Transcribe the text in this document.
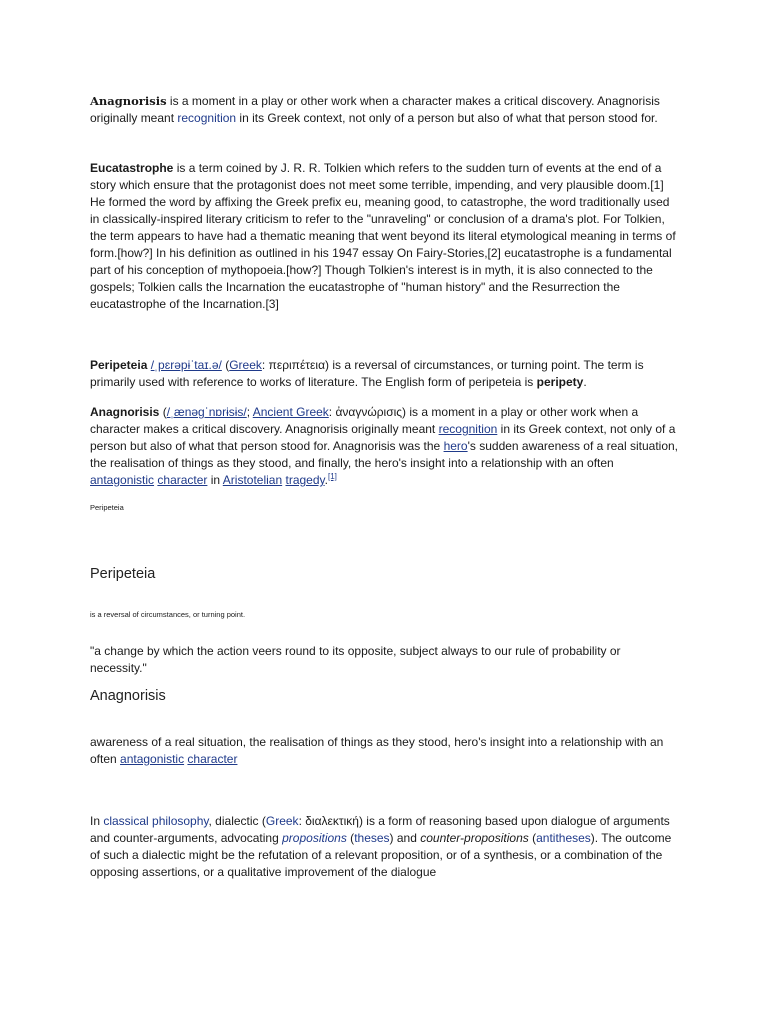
Anagnorisis is a moment in a play or other work when a character makes a critical discovery. Anagnorisis originally meant recognition in its Greek context, not only of a person but also of what that person stood for.

Eucatastrophe is a term coined by J. R. R. Tolkien which refers to the sudden turn of events at the end of a story which ensure that the protagonist does not meet some terrible, impending, and very plausible doom.[1] He formed the word by affixing the Greek prefix eu, meaning good, to catastrophe, the word traditionally used in classically-inspired literary criticism to refer to the "unraveling" or conclusion of a drama's plot. For Tolkien, the term appears to have had a thematic meaning that went beyond its literal etymological meaning in terms of form.[how?] In his definition as outlined in his 1947 essay On Fairy-Stories,[2] eucatastrophe is a fundamental part of his conception of mythopoeia.[how?] Though Tolkien's interest is in myth, it is also connected to the gospels; Tolkien calls the Incarnation the eucatastrophe of "human history" and the Resurrection the eucatastrophe of the Incarnation.[3]

Peripeteia /ˌpɛrəpɨˈtaɪ.ə/ (Greek: περιπέτεια) is a reversal of circumstances, or turning point. The term is primarily used with reference to works of literature. The English form of peripeteia is peripety.

Anagnorisis (/ˌænəɡˈnɒrɨsɨs/; Ancient Greek: ἀναγνώρισις) is a moment in a play or other work when a character makes a critical discovery. Anagnorisis originally meant recognition in its Greek context, not only of a person but also of what that person stood for. Anagnorisis was the hero's sudden awareness of a real situation, the realisation of things as they stood, and finally, the hero's insight into a relationship with an often antagonistic character in Aristotelian tragedy.[1]

Peripeteia

Peripeteia

is a reversal of circumstances, or turning point.

"a change by which the action veers round to its opposite, subject always to our rule of probability or necessity."

Anagnorisis

awareness of a real situation, the realisation of things as they stood, hero's insight into a relationship with an often antagonistic character

In classical philosophy, dialectic (Greek: διαλεκτική) is a form of reasoning based upon dialogue of arguments and counter-arguments, advocating propositions (theses) and counter-propositions (antitheses). The outcome of such a dialectic might be the refutation of a relevant proposition, or of a synthesis, or a combination of the opposing assertions, or a qualitative improvement of the dialogue
